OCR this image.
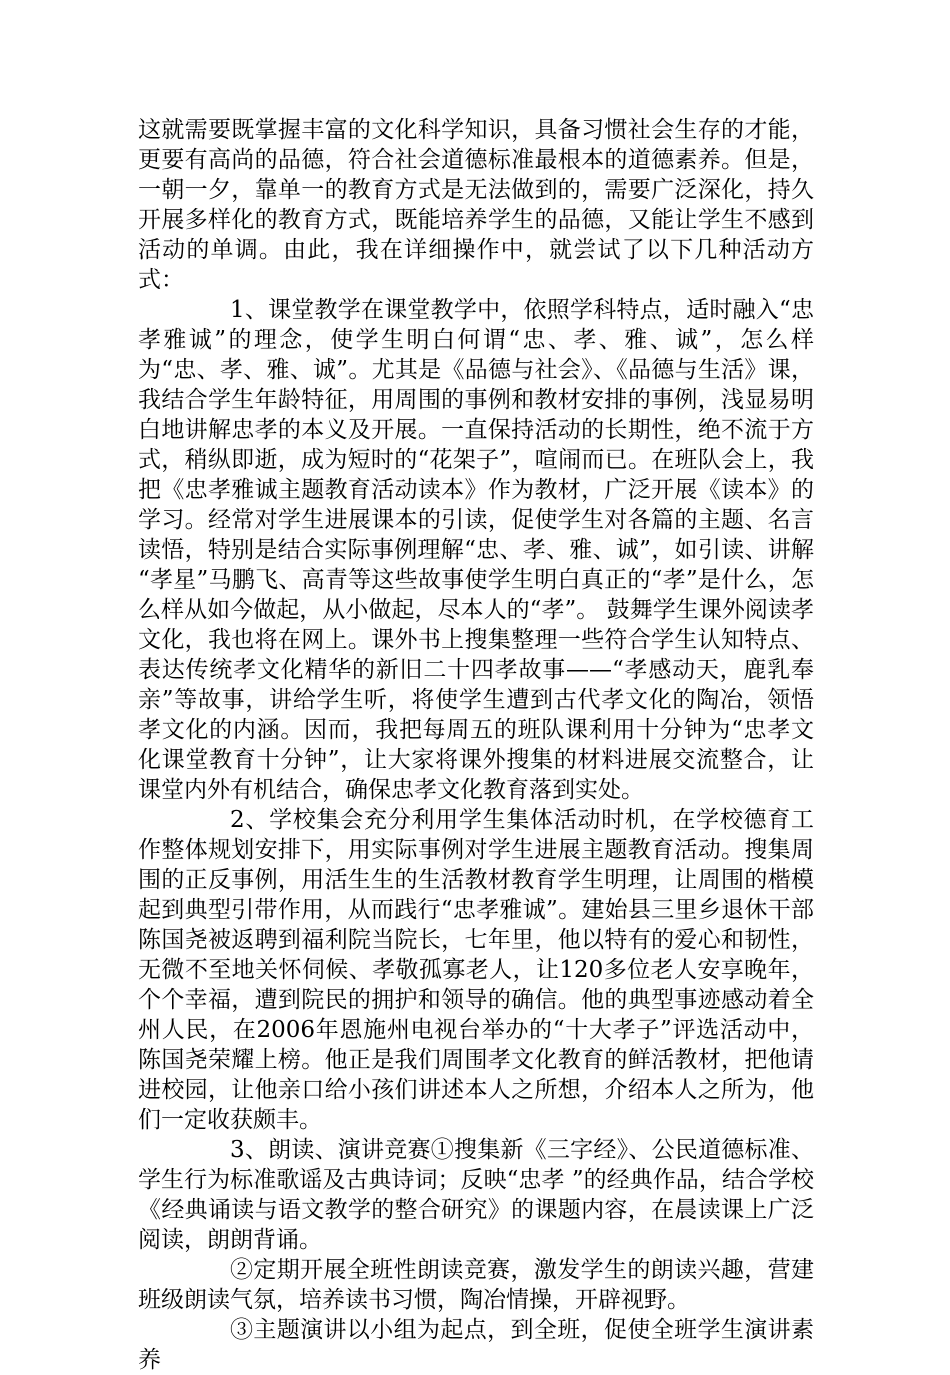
这就需要既掌握丰富的文化科学知识，具备习惯社会生存的才能，更要有高尚的品德，符合社会道德标准最根本的道德素养。但是，一朝一夕，靠单一的教育方式是无法做到的，需要广泛深化，持久开展多样化的教育方式，既能培养学生的品德，又能让学生不感到活动的单调。由此，我在详细操作中，就尝试了以下几种活动方式：

1、课堂教学在课堂教学中，依照学科特点，适时融入“忠孝雅诚”的理念，使学生明白何谓“忠、孝、雅、诚”，怎么样为“忠、孝、雅、诚”。尤其是《品德与社会》、《品德与生活》课，我结合学生年龄特征，用周围的事例和教材安排的事例，浅显易明白地讲解忠孝的本义及开展。一直保持活动的长期性，绝不流于方式，稍纵即逝，成为短时的“花架子”，喧闹而已。在班队会上，我把《忠孝雅诚主题教育活动读本》作为教材，广泛开展《读本》的学习。经常对学生进展课本的引读，促使学生对各篇的主题、名言读悟，特别是结合实际事例理解“忠、孝、雅、诚”，如引读、讲解 “孝星”马鹏飞、高青等这些故事使学生明白真正的“孝”是什么，怎么样从如今做起，从小做起，尽本人的“孝”。 鼓舞学生课外阅读孝文化，我也将在网上。课外书上搜集整理一些符合学生认知特点、表达传统孝文化精华的新旧二十四孝故事——“孝感动天，鹿乳奉亲”等故事，讲给学生听，将使学生遭到古代孝文化的陶冶，领悟孝文化的内涵。因而，我把每周五的班队课利用十分钟为“忠孝文化课堂教育十分钟”，让大家将课外搜集的材料进展交流整合，让课堂内外有机结合，确保忠孝文化教育落到实处。

2、学校集会充分利用学生集体活动时机，在学校德育工作整体规划安排下，用实际事例对学生进展主题教育活动。搜集周围的正反事例，用活生生的生活教材教育学生明理，让周围的楷模起到典型引带作用，从而践行“忠孝雅诚”。建始县三里乡退休干部陈国尧被返聘到福利院当院长，七年里，他以特有的爱心和韧性，无微不至地关怀伺候、孝敬孤寡老人，让120多位老人安享晚年，个个幸福，遭到院民的拥护和领导的确信。他的典型事迹感动着全州人民，在2006年恩施州电视台举办的“十大孝子”评选活动中，陈国尧荣耀上榜。他正是我们周围孝文化教育的鲜活教材，把他请进校园，让他亲口给小孩们讲述本人之所想，介绍本人之所为，他们一定收获颇丰。

3、朗读、演讲竞赛①搜集新《三字经》、公民道德标准、学生行为标准歌谣及古典诗词；反映“忠孝 ”的经典作品，结合学校《经典诵读与语文教学的整合研究》的课题内容，在晨读课上广泛阅读，朗朗背诵。

②定期开展全班性朗读竞赛，激发学生的朗读兴趣，营建班级朗读气氛，培养读书习惯，陶冶情操，开辟视野。

③主题演讲以小组为起点，到全班，促使全班学生演讲素养
